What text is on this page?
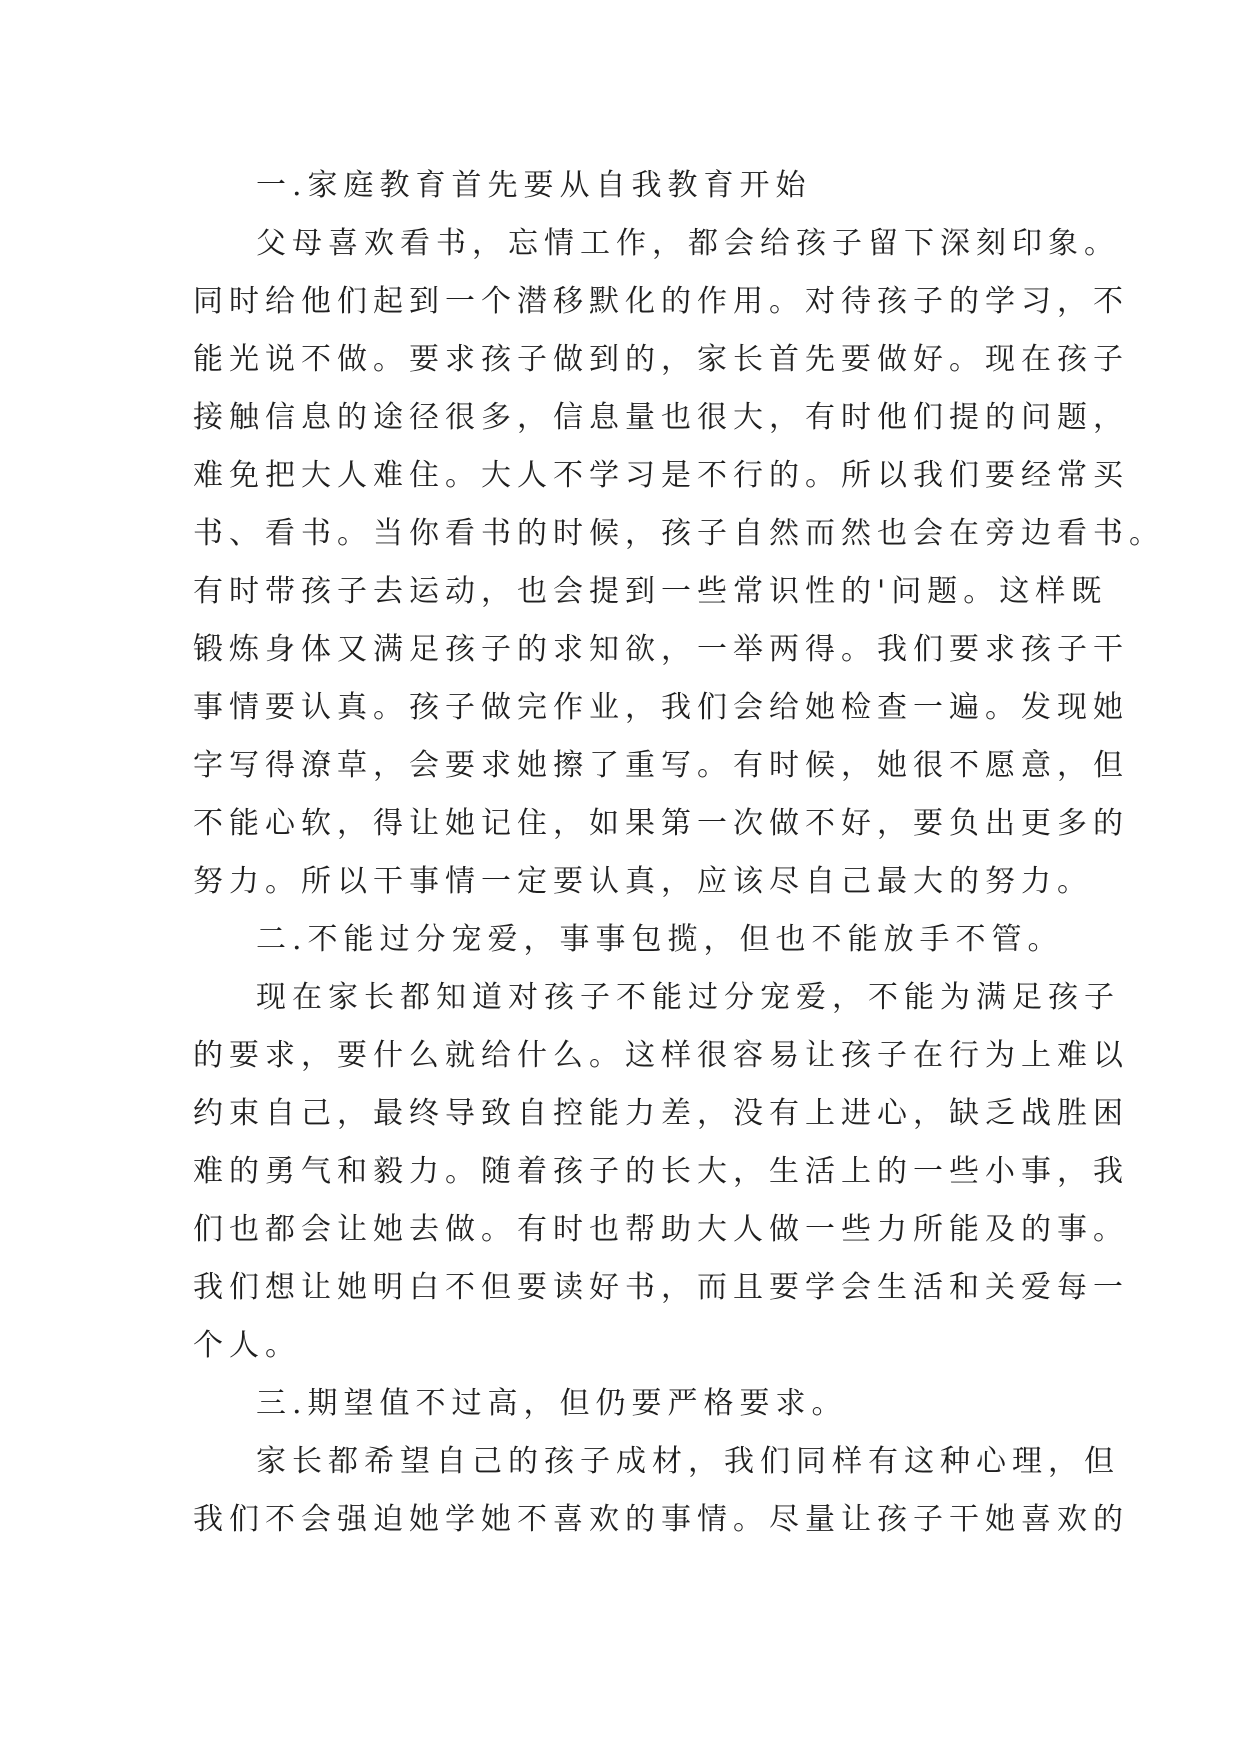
一.家庭教育首先要从自我教育开始

父母喜欢看书，忘情工作，都会给孩子留下深刻印象。

同时给他们起到一个潜移默化的作用。对待孩子的学习，不

能光说不做。要求孩子做到的，家长首先要做好。现在孩子

接触信息的途径很多，信息量也很大，有时他们提的问题，

难免把大人难住。大人不学习是不行的。所以我们要经常买

书、看书。当你看书的时候，孩子自然而然也会在旁边看书。

有时带孩子去运动，也会提到一些常识性的'问题。这样既

锻炼身体又满足孩子的求知欲，一举两得。我们要求孩子干

事情要认真。孩子做完作业，我们会给她检查一遍。发现她

字写得潦草，会要求她擦了重写。有时候，她很不愿意，但

不能心软，得让她记住，如果第一次做不好，要负出更多的

努力。所以干事情一定要认真，应该尽自己最大的努力。

二.不能过分宠爱，事事包揽，但也不能放手不管。

现在家长都知道对孩子不能过分宠爱，不能为满足孩子

的要求，要什么就给什么。这样很容易让孩子在行为上难以

约束自己，最终导致自控能力差，没有上进心，缺乏战胜困

难的勇气和毅力。随着孩子的长大，生活上的一些小事，我

们也都会让她去做。有时也帮助大人做一些力所能及的事。

我们想让她明白不但要读好书，而且要学会生活和关爱每一

个人。

三.期望值不过高，但仍要严格要求。

家长都希望自己的孩子成材，我们同样有这种心理，但

我们不会强迫她学她不喜欢的事情。尽量让孩子干她喜欢的
